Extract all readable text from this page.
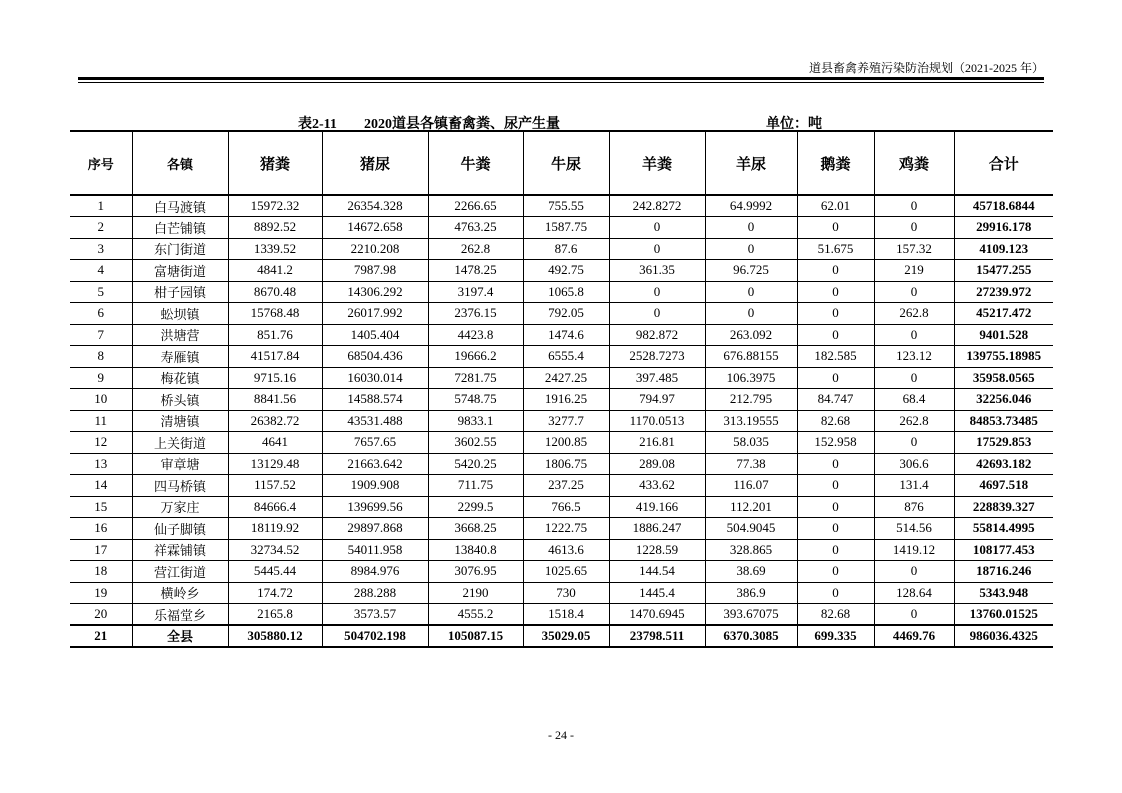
道县畜禽养殖污染防治规划（2021-2025 年）
表2-11 2020道县各镇畜禽粪、尿产生量	单位：吨
序号	各镇	猪粪	猪尿	牛粪	牛尿	羊粪	羊尿	鹅粪	鸡粪	合计
1	白马渡镇	15972.32	26354.328	2266.65	755.55	242.8272	64.9992	62.01	0	45718.6844
2	白芒铺镇	8892.52	14672.658	4763.25	1587.75	0	0	0	0	29916.178
3	东门街道	1339.52	2210.208	262.8	87.6	0	0	51.675	157.32	4109.123
4	富塘街道	4841.2	7987.98	1478.25	492.75	361.35	96.725	0	219	15477.255
5	柑子园镇	8670.48	14306.292	3197.4	1065.8	0	0	0	0	27239.972
6	蚣坝镇	15768.48	26017.992	2376.15	792.05	0	0	0	262.8	45217.472
7	洪塘营	851.76	1405.404	4423.8	1474.6	982.872	263.092	0	0	9401.528
8	寿雁镇	41517.84	68504.436	19666.2	6555.4	2528.7273	676.88155	182.585	123.12	139755.18985
9	梅花镇	9715.16	16030.014	7281.75	2427.25	397.485	106.3975	0	0	35958.0565
10	桥头镇	8841.56	14588.574	5748.75	1916.25	794.97	212.795	84.747	68.4	32256.046
11	清塘镇	26382.72	43531.488	9833.1	3277.7	1170.0513	313.19555	82.68	262.8	84853.73485
12	上关街道	4641	7657.65	3602.55	1200.85	216.81	58.035	152.958	0	17529.853
13	审章塘	13129.48	21663.642	5420.25	1806.75	289.08	77.38	0	306.6	42693.182
14	四马桥镇	1157.52	1909.908	711.75	237.25	433.62	116.07	0	131.4	4697.518
15	万家庄	84666.4	139699.56	2299.5	766.5	419.166	112.201	0	876	228839.327
16	仙子脚镇	18119.92	29897.868	3668.25	1222.75	1886.247	504.9045	0	514.56	55814.4995
17	祥霖铺镇	32734.52	54011.958	13840.8	4613.6	1228.59	328.865	0	1419.12	108177.453
18	营江街道	5445.44	8984.976	3076.95	1025.65	144.54	38.69	0	0	18716.246
19	横岭乡	174.72	288.288	2190	730	1445.4	386.9	0	128.64	5343.948
20	乐福堂乡	2165.8	3573.57	4555.2	1518.4	1470.6945	393.67075	82.68	0	13760.01525
21	全县	305880.12	504702.198	105087.15	35029.05	23798.511	6370.3085	699.335	4469.76	986036.4325
- 24 -
